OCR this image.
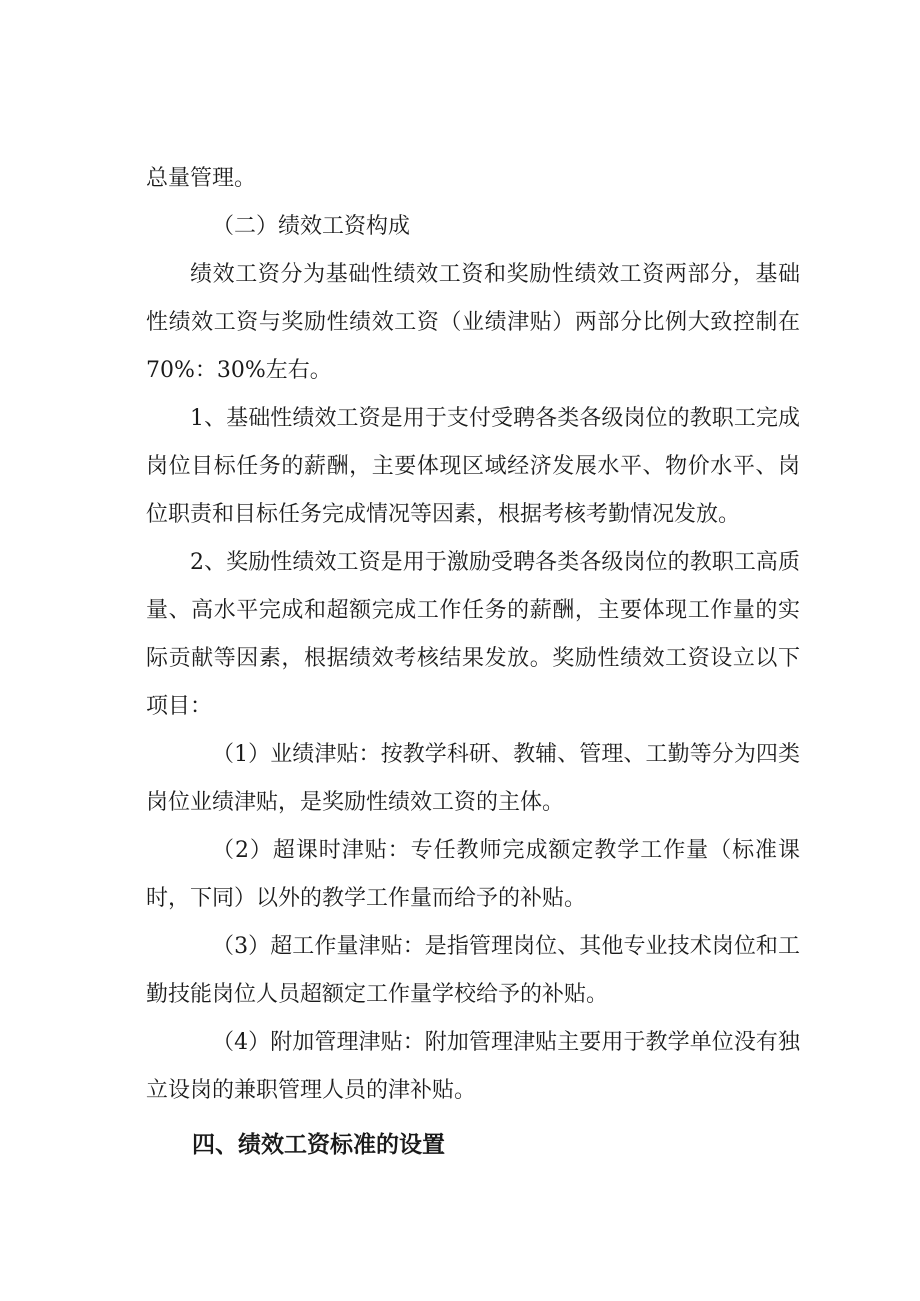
总量管理。

（二）绩效工资构成

绩效工资分为基础性绩效工资和奖励性绩效工资两部分，基础性绩效工资与奖励性绩效工资（业绩津贴）两部分比例大致控制在70%：30%左右。

1、基础性绩效工资是用于支付受聘各类各级岗位的教职工完成岗位目标任务的薪酬，主要体现区域经济发展水平、物价水平、岗位职责和目标任务完成情况等因素，根据考核考勤情况发放。

2、奖励性绩效工资是用于激励受聘各类各级岗位的教职工高质量、高水平完成和超额完成工作任务的薪酬，主要体现工作量的实际贡献等因素，根据绩效考核结果发放。奖励性绩效工资设立以下项目：

（1）业绩津贴：按教学科研、教辅、管理、工勤等分为四类岗位业绩津贴，是奖励性绩效工资的主体。

（2）超课时津贴：专任教师完成额定教学工作量（标准课时，下同）以外的教学工作量而给予的补贴。

（3）超工作量津贴：是指管理岗位、其他专业技术岗位和工勤技能岗位人员超额定工作量学校给予的补贴。

（4）附加管理津贴：附加管理津贴主要用于教学单位没有独立设岗的兼职管理人员的津补贴。

四、绩效工资标准的设置
